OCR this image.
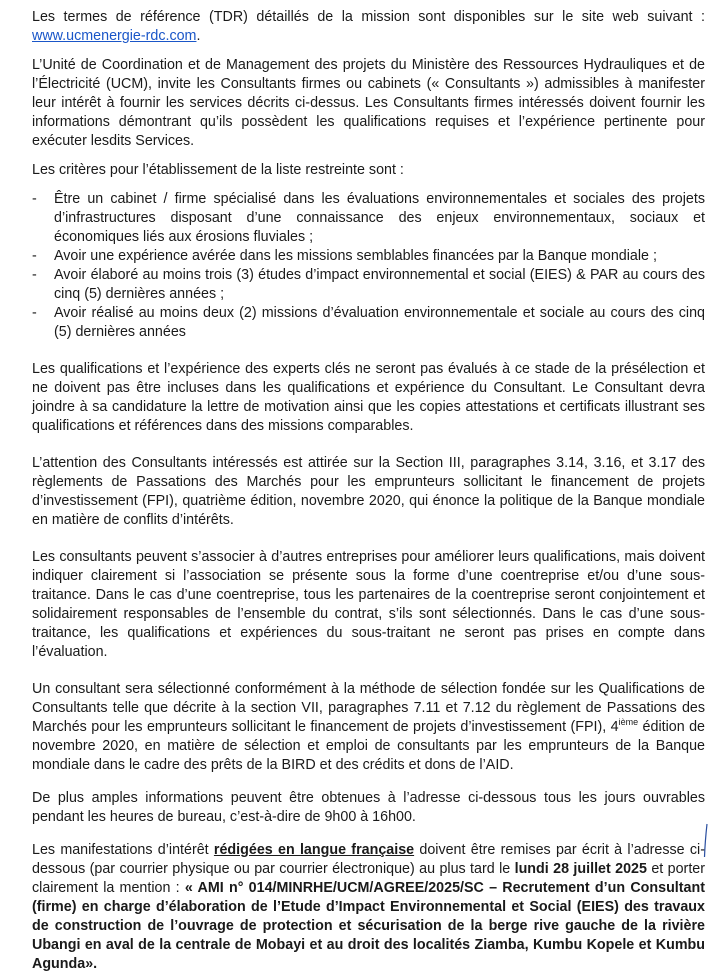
Les termes de référence (TDR) détaillés de la mission sont disponibles sur le site web suivant : www.ucmenergie-rdc.com.

L’Unité de Coordination et de Management des projets du Ministère des Ressources Hydrauliques et de l’Électricité (UCM), invite les Consultants firmes ou cabinets (« Consultants ») admissibles à manifester leur intérêt à fournir les services décrits ci-dessus. Les Consultants firmes intéressés doivent fournir les informations démontrant qu’ils possèdent les qualifications requises et l’expérience pertinente pour exécuter lesdits Services.

Les critères pour l’établissement de la liste restreinte sont :

- Être un cabinet / firme spécialisé dans les évaluations environnementales et sociales des projets d’infrastructures disposant d’une connaissance des enjeux environnementaux, sociaux et économiques liés aux érosions fluviales ;
- Avoir une expérience avérée dans les missions semblables financées par la Banque mondiale ;
- Avoir élaboré au moins trois (3) études d’impact environnemental et social (EIES) & PAR au cours des cinq (5) dernières années ;
- Avoir réalisé au moins deux (2) missions d’évaluation environnementale et sociale au cours des cinq (5) dernières années

Les qualifications et l’expérience des experts clés ne seront pas évalués à ce stade de la présélection et ne doivent pas être incluses dans les qualifications et expérience du Consultant. Le Consultant devra joindre à sa candidature la lettre de motivation ainsi que les copies attestations et certificats illustrant ses qualifications et références dans des missions comparables.

L’attention des Consultants intéressés est attirée sur la Section III, paragraphes 3.14, 3.16, et 3.17 des règlements de Passations des Marchés pour les emprunteurs sollicitant le financement de projets d’investissement (FPI), quatrième édition, novembre 2020, qui énonce la politique de la Banque mondiale en matière de conflits d’intérêts.

Les consultants peuvent s’associer à d’autres entreprises pour améliorer leurs qualifications, mais doivent indiquer clairement si l’association se présente sous la forme d’une coentreprise et/ou d’une sous-traitance. Dans le cas d’une coentreprise, tous les partenaires de la coentreprise seront conjointement et solidairement responsables de l’ensemble du contrat, s’ils sont sélectionnés. Dans le cas d’une sous-traitance, les qualifications et expériences du sous-traitant ne seront pas prises en compte dans l’évaluation.

Un consultant sera sélectionné conformément à la méthode de sélection fondée sur les Qualifications de Consultants telle que décrite à la section VII, paragraphes 7.11 et 7.12 du règlement de Passations des Marchés pour les emprunteurs sollicitant le financement de projets d’investissement (FPI), 4ième édition de novembre 2020, en matière de sélection et emploi de consultants par les emprunteurs de la Banque mondiale dans le cadre des prêts de la BIRD et des crédits et dons de l’AID.

De plus amples informations peuvent être obtenues à l’adresse ci-dessous tous les jours ouvrables pendant les heures de bureau, c’est-à-dire de 9h00 à 16h00.

Les manifestations d’intérêt rédigées en langue française doivent être remises par écrit à l’adresse ci-dessous (par courrier physique ou par courrier électronique) au plus tard le lundi 28 juillet 2025 et porter clairement la mention : « AMI n° 014/MINRHE/UCM/AGREE/2025/SC – Recrutement d’un Consultant (firme) en charge d’élaboration de l’Etude d’Impact Environnemental et Social (EIES) des travaux de construction de l’ouvrage de protection et sécurisation de la berge rive gauche de la rivière Ubangi en aval de la centrale de Mobayi et au droit des localités Ziamba, Kumbu Kopele et Kumbu Agunda».
